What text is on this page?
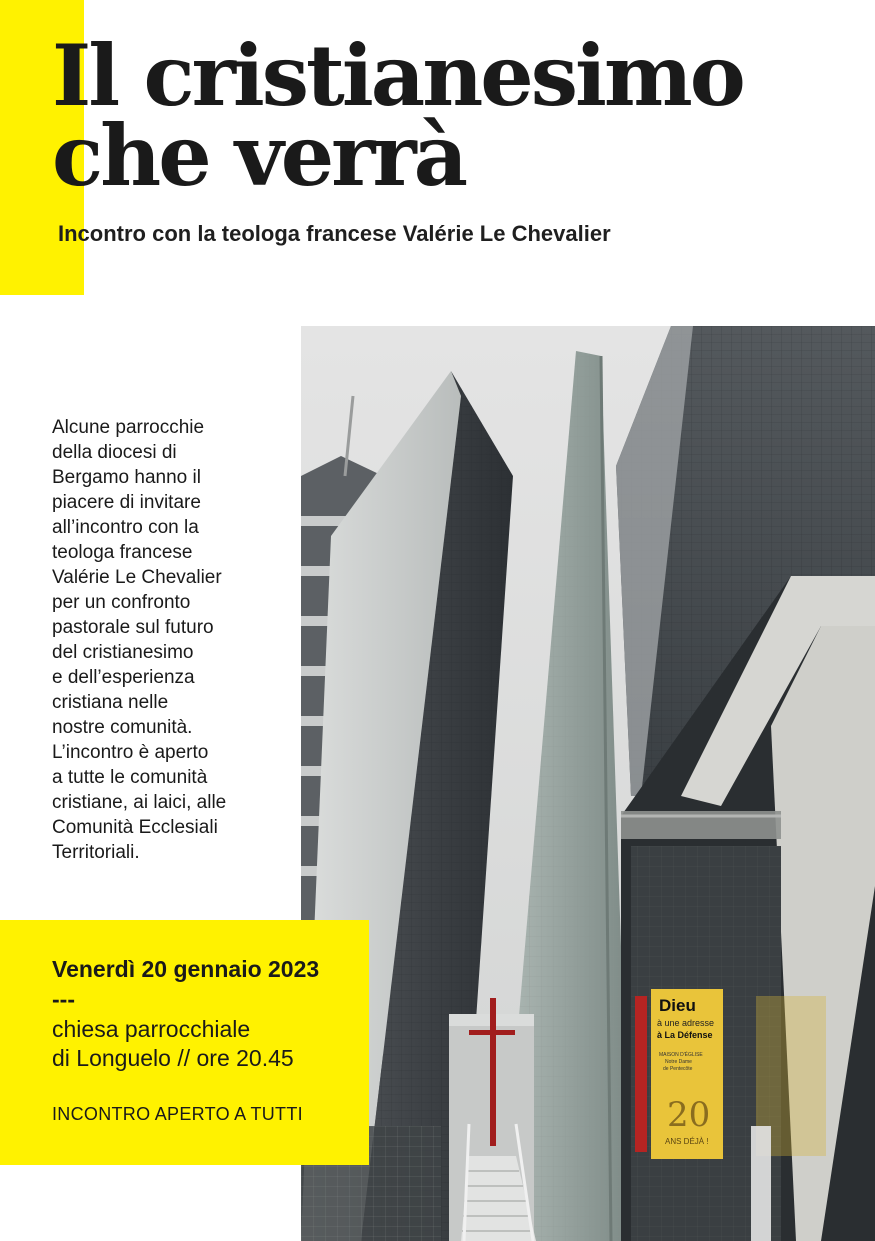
Il cristianesimo
che verrà

Incontro con la teologa francese Valérie Le Chevalier

Alcune parrocchie
della diocesi di
Bergamo hanno il
piacere di invitare
all’incontro con la
teologa francese
Valérie Le Chevalier
per un confronto
pastorale sul futuro
del cristianesimo
e dell’esperienza
cristiana nelle
nostre comunità.
L’incontro è aperto
a tutte le comunità
cristiane, ai laici, alle
Comunità Ecclesiali
Territoriali.
Dieu
à une adresse
à La Défense
MAISON D'ÉGLISE
Notre Dame
de Pentecôte
20
ANS DÉJÀ !

Venerdì 20 gennaio 2023

---

chiesa parrocchiale

di Longuelo // ore 20.45

INCONTRO APERTO A TUTTI
